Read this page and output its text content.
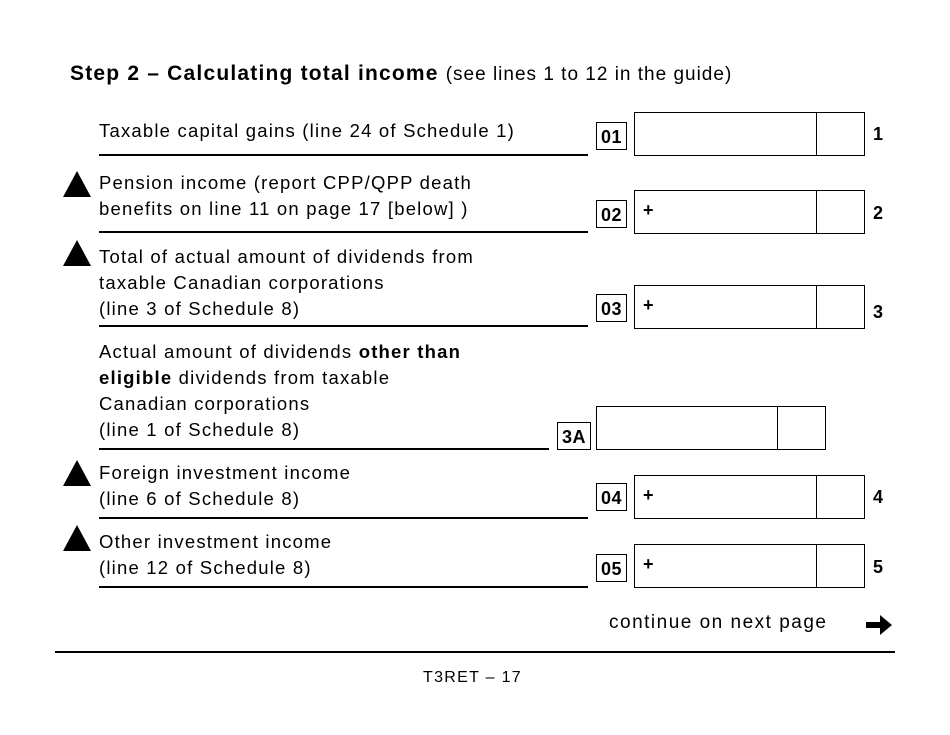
Step 2 – Calculating total income (see lines 1 to 12 in the guide)
Taxable capital gains (line 24 of Schedule 1)	01	1
Pension income (report CPP/QPP death
benefits on line 11 on page 17 [below] )	02 +	2
Total of actual amount of dividends from
taxable Canadian corporations
(line 3 of Schedule 8)	03 +	3
Actual amount of dividends other than
eligible dividends from taxable
Canadian corporations
(line 1 of Schedule 8)	3A
Foreign investment income
(line 6 of Schedule 8)	04 +	4
Other investment income
(line 12 of Schedule 8)	05 +	5
continue on next page
T3RET – 17
